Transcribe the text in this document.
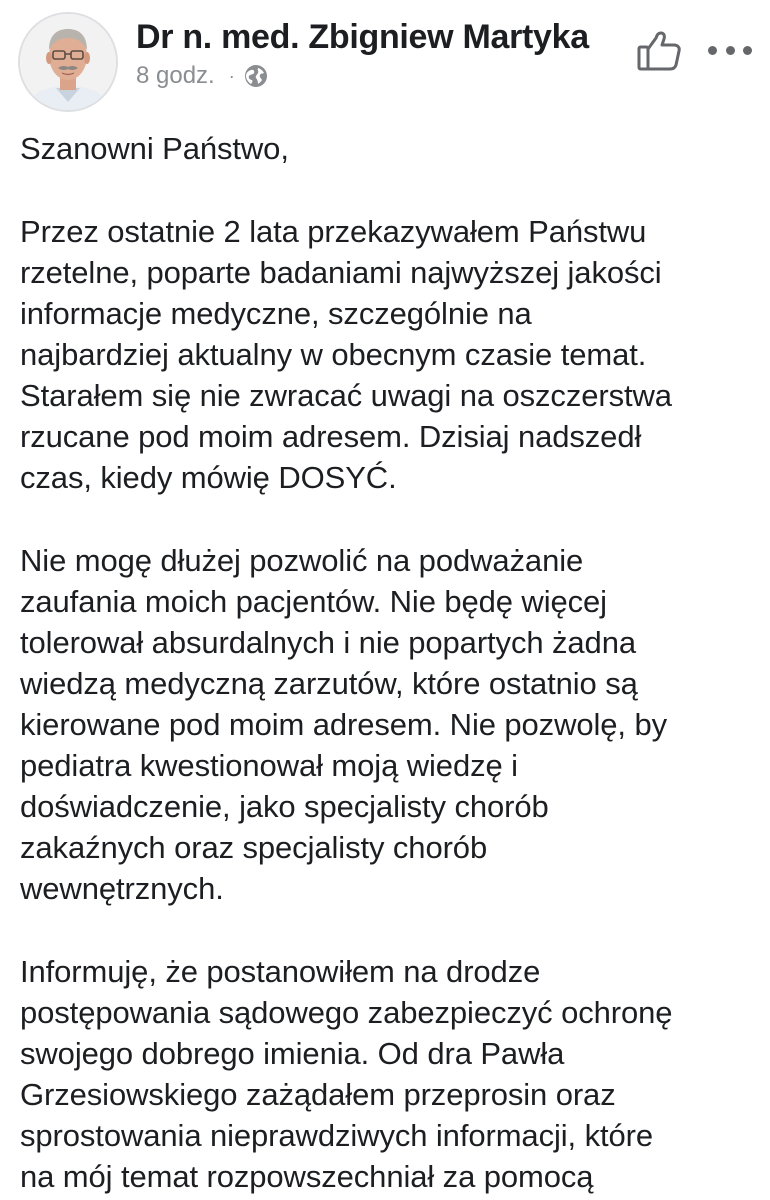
Dr n. med. Zbigniew Martyka
8 godz. ·

Szanowni Państwo,

Przez ostatnie 2 lata przekazywałem Państwu
rzetelne, poparte badaniami najwyższej jakości
informacje medyczne, szczególnie na
najbardziej aktualny w obecnym czasie temat.
Starałem się nie zwracać uwagi na oszczerstwa
rzucane pod moim adresem. Dzisiaj nadszedł
czas, kiedy mówię DOSYĆ.

Nie mogę dłużej pozwolić na podważanie
zaufania moich pacjentów. Nie będę więcej
tolerował absurdalnych i nie popartych żadna
wiedzą medyczną zarzutów, które ostatnio są
kierowane pod moim adresem. Nie pozwolę, by
pediatra kwestionował moją wiedzę i
doświadczenie, jako specjalisty chorób
zakaźnych oraz specjalisty chorób
wewnętrznych.

Informuję, że postanowiłem na drodze
postępowania sądowego zabezpieczyć ochronę
swojego dobrego imienia. Od dra Pawła
Grzesiowskiego zażądałem przeprosin oraz
sprostowania nieprawdziwych informacji, które
na mój temat rozpowszechniał za pomocą
